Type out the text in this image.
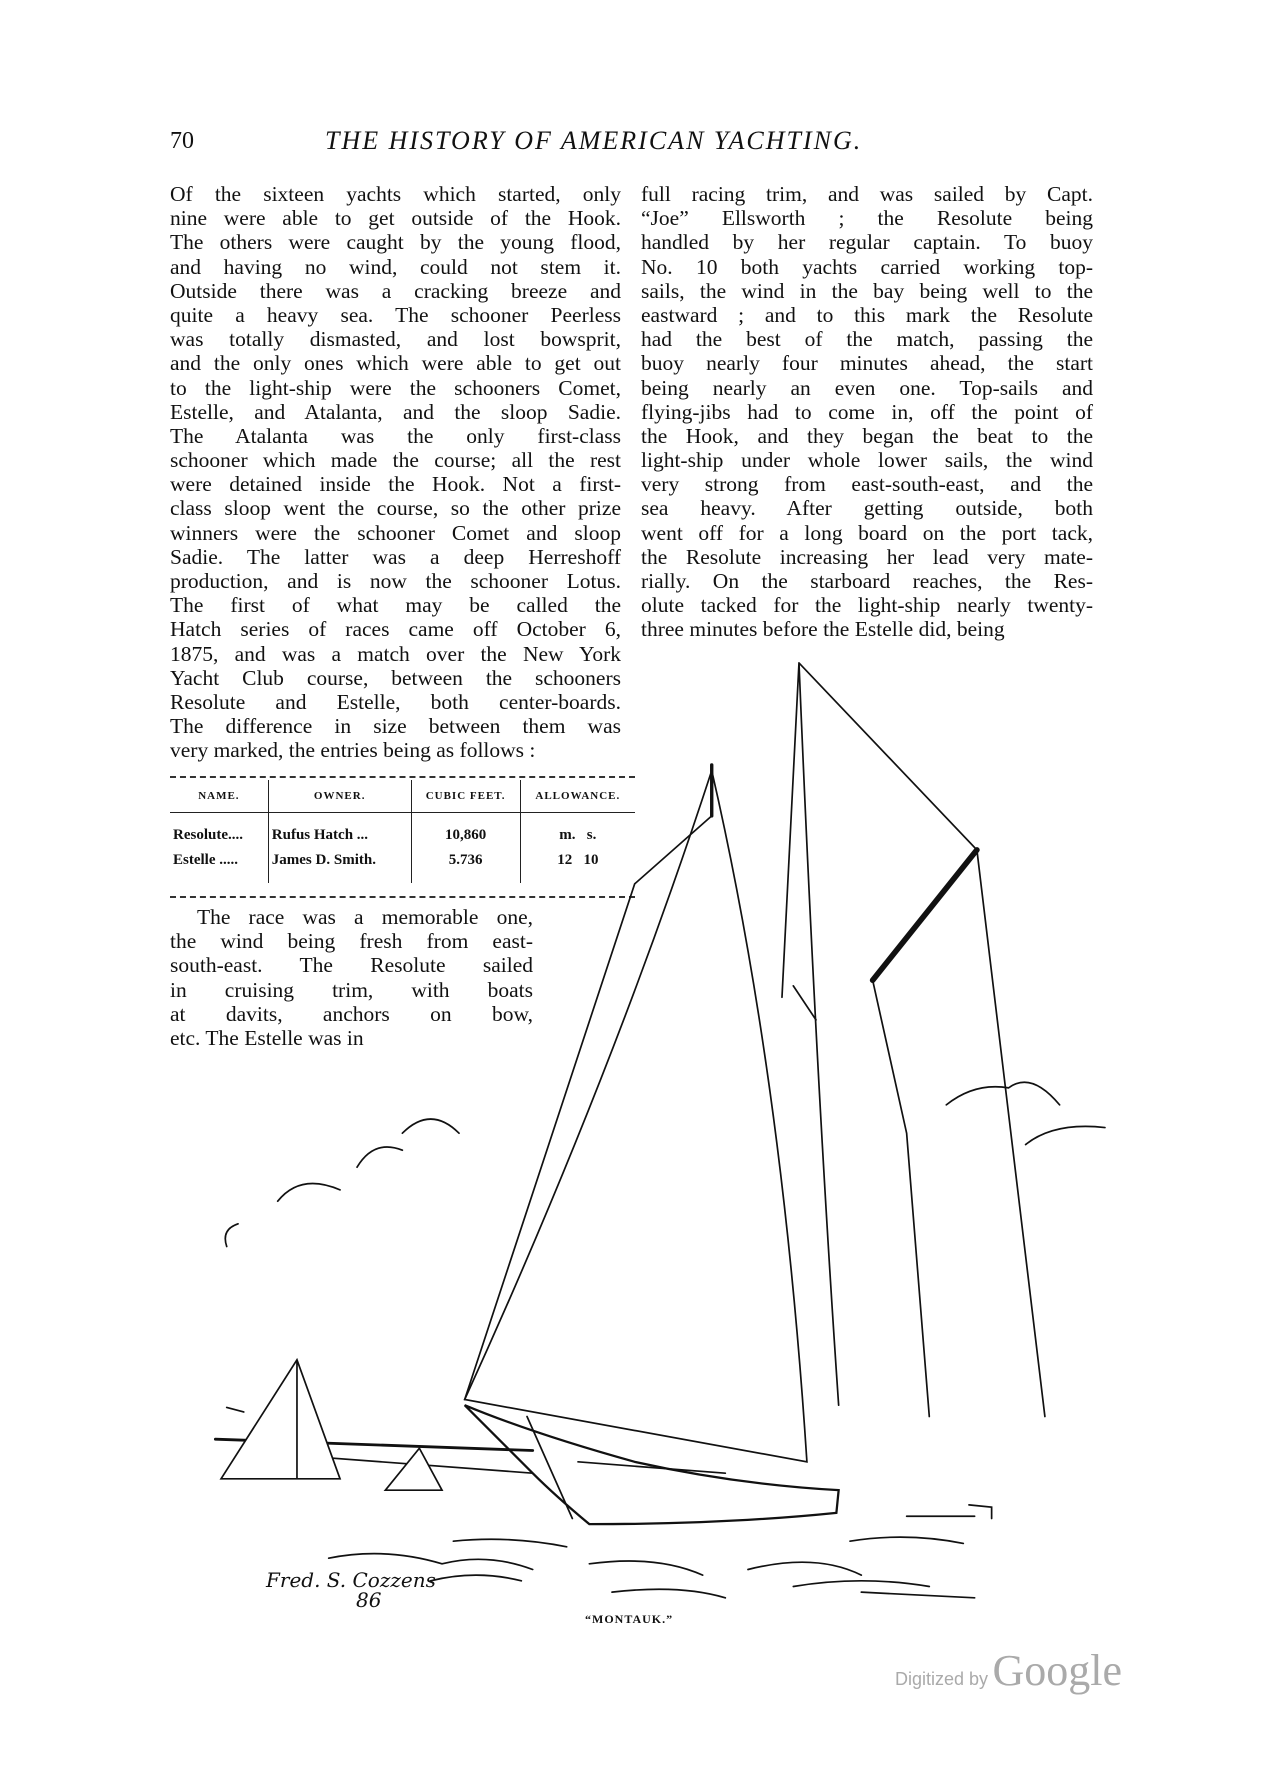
70	THE HISTORY OF AMERICAN YACHTING.
Of the sixteen yachts which started, only
nine were able to get outside of the Hook.
The others were caught by the young flood,
and having no wind, could not stem it.
Outside there was a cracking breeze and
quite a heavy sea. The schooner Peerless
was totally dismasted, and lost bowsprit,
and the only ones which were able to get out
to the light-ship were the schooners Comet,
Estelle, and Atalanta, and the sloop Sadie.
The Atalanta was the only first-class
schooner which made the course; all the rest
were detained inside the Hook. Not a first-
class sloop went the course, so the other prize
winners were the schooner Comet and sloop
Sadie. The latter was a deep Herreshoff
production, and is now the schooner Lotus.
The first of what may be called the
Hatch series of races came off October 6,
1875, and was a match over the New York
Yacht Club course, between the schooners
Resolute and Estelle, both center-boards.
The difference in size between them was
very marked, the entries being as follows :
full racing trim, and was sailed by Capt.
“Joe” Ellsworth ; the Resolute being
handled by her regular captain. To buoy
No. 10 both yachts carried working top-
sails, the wind in the bay being well to the
eastward ; and to this mark the Resolute
had the best of the match, passing the
buoy nearly four minutes ahead, the start
being nearly an even one. Top-sails and
flying-jibs had to come in, off the point of
the Hook, and they began the beat to the
light-ship under whole lower sails, the wind
very strong from east-south-east, and the
sea heavy. After getting outside, both
went off for a long board on the port tack,
the Resolute increasing her lead very mate-
rially. On the starboard reaches, the Res-
olute tacked for the light-ship nearly twenty-
three minutes before the Estelle did, being
NAME.	OWNER.	CUBIC FEET.	ALLOWANCE.
Resolute....	Rufus Hatch ...	10,860	m.   s.
Estelle .....	James D. Smith.	5.736	12   10
The race was a memorable one,
the wind being fresh from east-
south-east. The Resolute sailed
in cruising trim, with boats
at davits, anchors on bow,
etc. The Estelle was in
Fred. S. Cozzens
86
“MONTAUK.”
Digitized by Google
